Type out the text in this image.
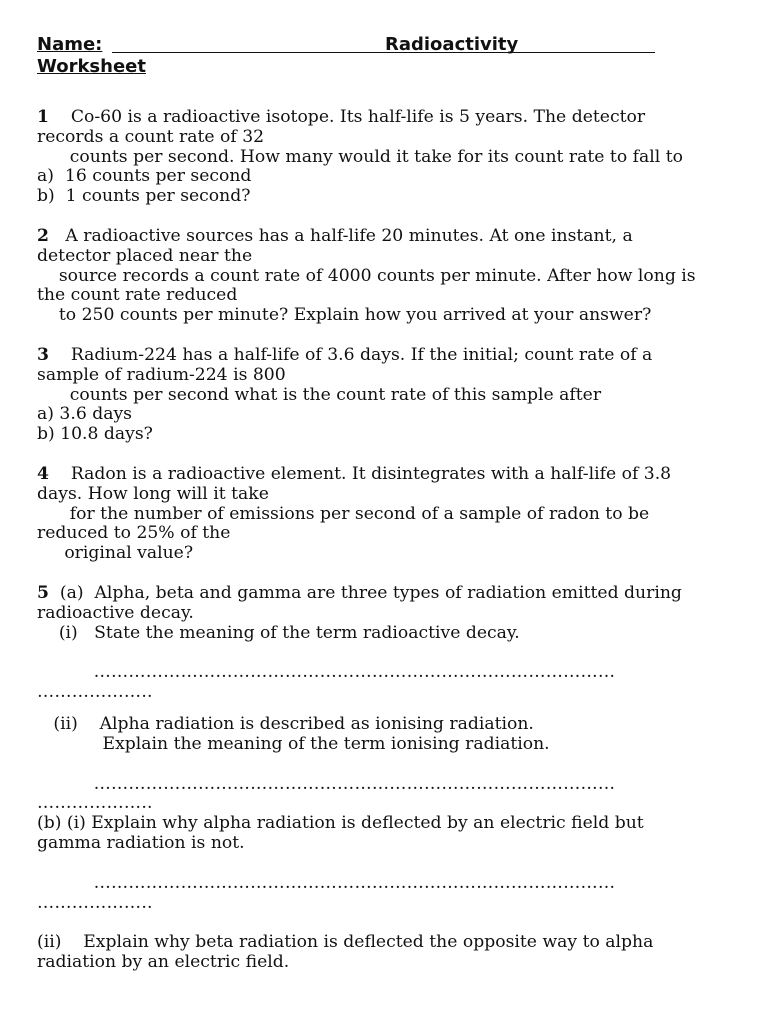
Name:	Radioactivity
Worksheet
1 Co-60 is a radioactive isotope. Its half-life is 5 years. The detector
records a count rate of 32
counts per second. How many would it take for its count rate to fall to
a)  16 counts per second
b)  1 counts per second?
2 A radioactive sources has a half-life 20 minutes. At one instant, a
detector placed near the
source records a count rate of 4000 counts per minute. After how long is
the count rate reduced
to 250 counts per minute? Explain how you arrived at your answer?
3 Radium-224 has a half-life of 3.6 days. If the initial; count rate of a
sample of radium-224 is 800
counts per second what is the count rate of this sample after
a) 3.6 days
b) 10.8 days?
4 Radon is a radioactive element. It disintegrates with a half-life of 3.8
days. How long will it take
for the number of emissions per second of a sample of radon to be
reduced to 25% of the
original value?
5 (a)  Alpha, beta and gamma are three types of radiation emitted during
radioactive decay.
(i)   State the meaning of the term radioactive decay.
………………………………………………………………………………
………………..
(ii)    Alpha radiation is described as ionising radiation.
Explain the meaning of the term ionising radiation.
………………………………………………………………………………
………………..
(b) (i) Explain why alpha radiation is deflected by an electric field but
gamma radiation is not.
………………………………………………………………………………
………………..
(ii)    Explain why beta radiation is deflected the opposite way to alpha
radiation by an electric field.
